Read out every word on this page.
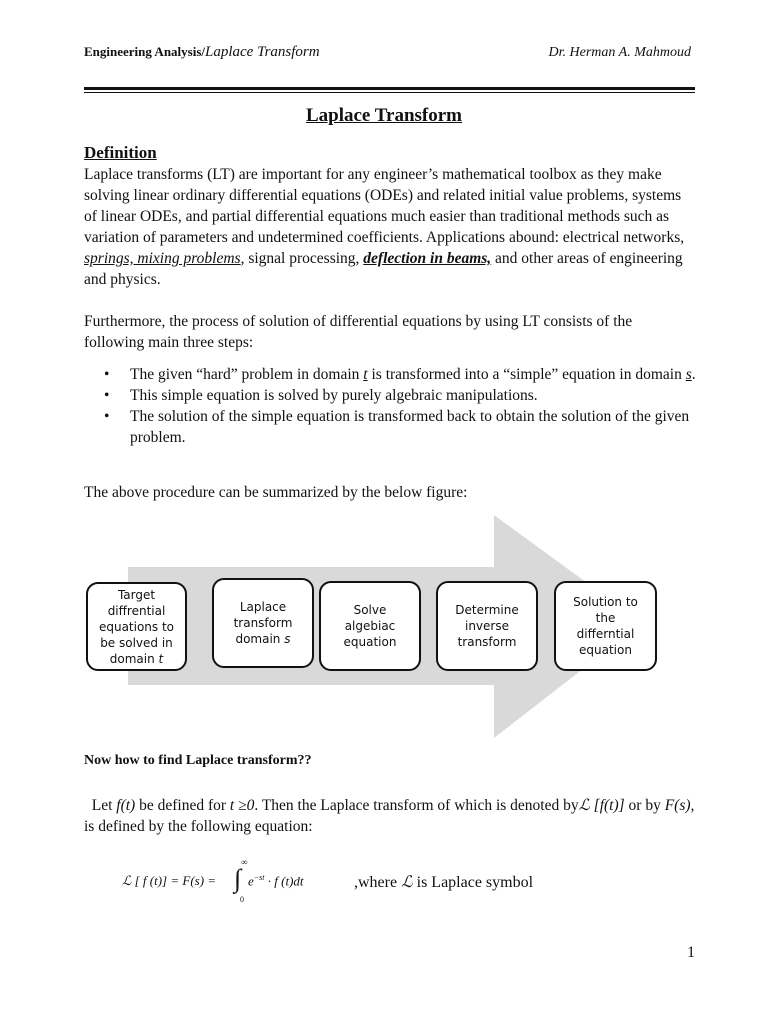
Engineering Analysis/Laplace Transform	Dr. Herman A. Mahmoud
Laplace Transform
Definition

Laplace transforms (LT) are important for any engineer’s mathematical toolbox as they make solving linear ordinary differential equations (ODEs) and related initial value problems, systems of linear ODEs, and partial differential equations much easier than traditional methods such as variation of parameters and undetermined coefficients. Applications abound: electrical networks, springs, mixing problems, signal processing, deflection in beams, and other areas of engineering and physics.

Furthermore, the process of solution of differential equations by using LT consists of the following main three steps:

• The given “hard” problem in domain t is transformed into a “simple” equation in domain s.
• This simple equation is solved by purely algebraic manipulations.
• The solution of the simple equation is transformed back to obtain the solution of the given problem.

The above procedure can be summarized by the below figure:

Target
diffrential
equations to
be solved in
domain t
Laplace
transform
domain s
Solve
algebiac
equation
Determine
inverse
transform
Solution to
the
differntial
equation
Now how to find Laplace transform??
Let f(t) be defined for t ≥0. Then the Laplace transform of which is denoted byℒ [f(t)] or by F(s), is defined by the following equation:
ℒ [ f (t)] = F(s) =
∞
∫
0
$e^{-st} \cdot f$ (t)dt	,where ℒ is Laplace symbol
1
